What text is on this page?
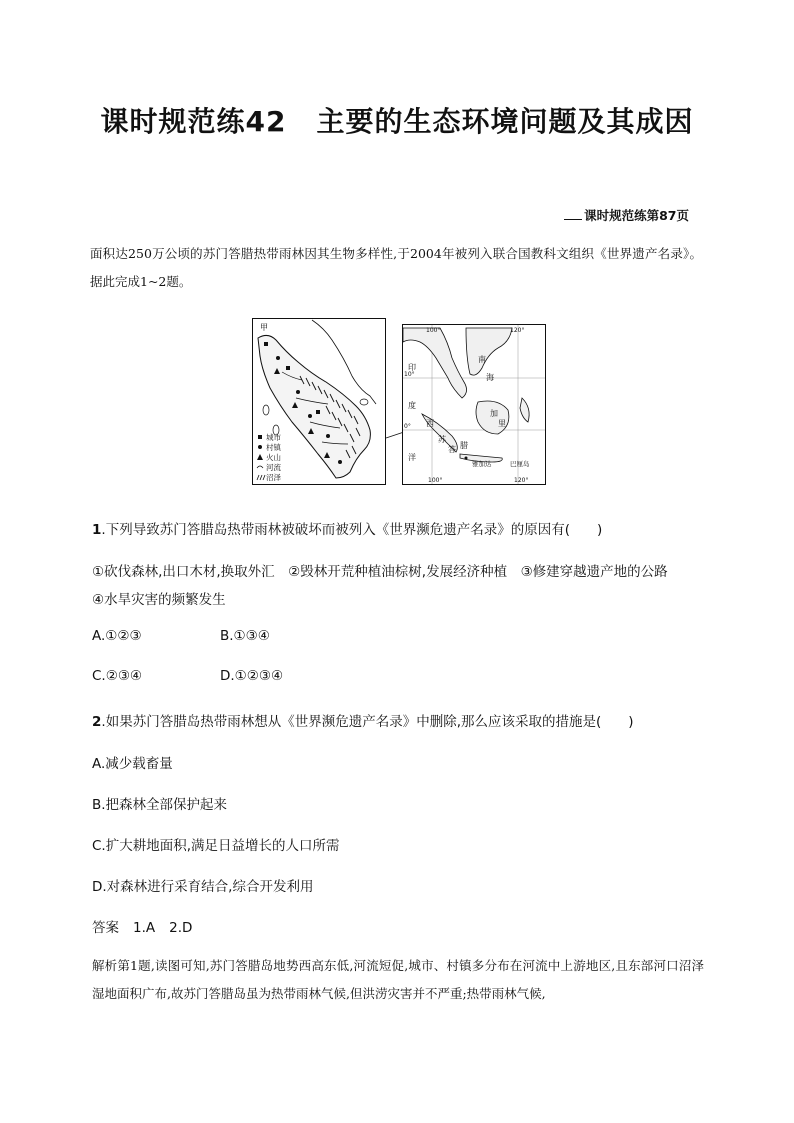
课时规范练42 主要的生态环境问题及其成因
课时规范练第87页
面积达250万公顷的苏门答腊热带雨林因其生物多样性,于2004年被列入联合国教科文组织《世界遗产名录》。据此完成1~2题。
甲
城市
村镇
火山
河流
沼泽
100°	120°
100°	120°
10°
0°
印
度
洋
南
海
西
苏
答 腊
加
里
雅加达	巴厘岛
1.下列导致苏门答腊岛热带雨林被破坏而被列入《世界濒危遗产名录》的原因有(　　)
①砍伐森林,出口木材,换取外汇　②毁林开荒种植油棕树,发展经济种植　③修建穿越遗产地的公路
④水旱灾害的频繁发生
A.①②③	B.①③④
C.②③④	D.①②③④
2.如果苏门答腊岛热带雨林想从《世界濒危遗产名录》中删除,那么应该采取的措施是(　　)
A.减少载畜量
B.把森林全部保护起来
C.扩大耕地面积,满足日益增长的人口所需
D.对森林进行采育结合,综合开发利用
答案 1.A 2.D
解析第1题,读图可知,苏门答腊岛地势西高东低,河流短促,城市、村镇多分布在河流中上游地区,且东部河口沼泽湿地面积广布,故苏门答腊岛虽为热带雨林气候,但洪涝灾害并不严重;热带雨林气候,
